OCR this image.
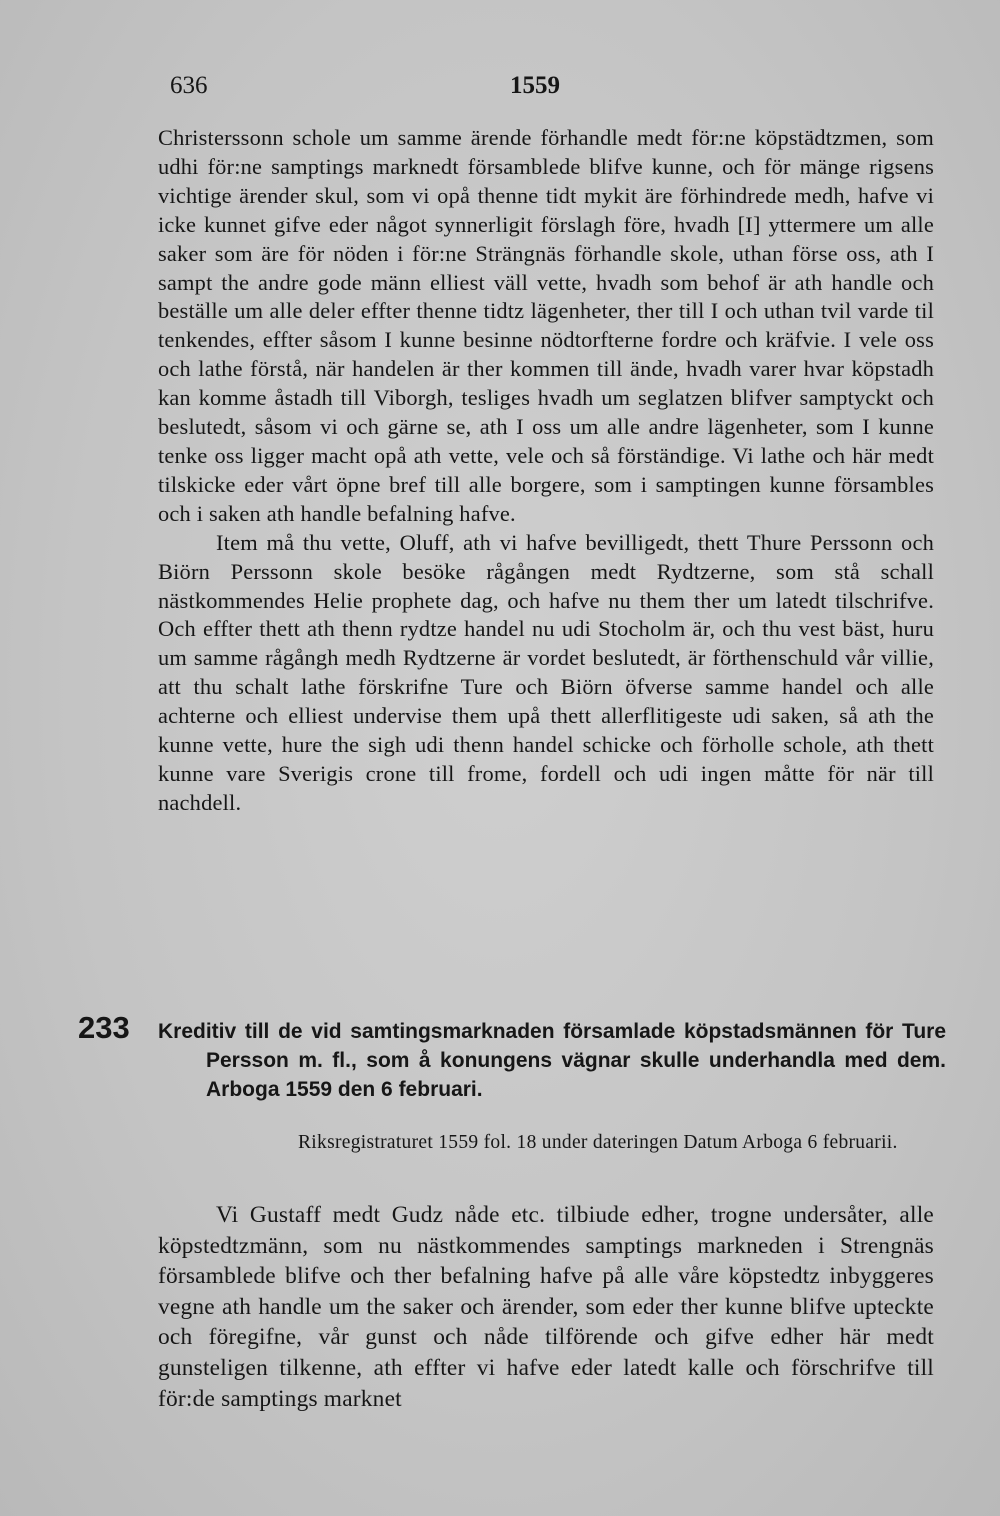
636	1559

Christerssonn schole um samme ärende förhandle medt för:ne köpstädtzmen, som udhi för:ne samptings marknedt församblede blifve kunne, och för mänge rigsens vichtige ärender skul, som vi opå thenne tidt mykit äre förhindrede medh, hafve vi icke kunnet gifve eder något synnerligit förslagh före, hvadh [I] yttermere um alle saker som äre för nöden i för:ne Strängnäs förhandle skole, uthan förse oss, ath I sampt the andre gode männ elliest väll vette, hvadh som behof är ath handle och beställe um alle deler effter thenne tidtz lägenheter, ther till I och uthan tvil varde til tenkendes, effter såsom I kunne besinne nödtorfterne fordre och kräfvie. I vele oss och lathe förstå, när handelen är ther kommen till ände, hvadh varer hvar köpstadh kan komme åstadh till Viborgh, tesliges hvadh um seglatzen blifver samptyckt och beslutedt, såsom vi och gärne se, ath I oss um alle andre lägenheter, som I kunne tenke oss ligger macht opå ath vette, vele och så förständige. Vi lathe och här medt tilskicke eder vårt öpne bref till alle borgere, som i samptingen kunne försambles och i saken ath handle befalning hafve.

Item må thu vette, Oluff, ath vi hafve bevilligedt, thett Thure Perssonn och Biörn Perssonn skole besöke rågången medt Rydtzerne, som stå schall nästkommendes Helie prophete dag, och hafve nu them ther um latedt tilschrifve. Och effter thett ath thenn rydtze handel nu udi Stocholm är, och thu vest bäst, huru um samme rågångh medh Rydtzerne är vordet beslutedt, är förthenschuld vår villie, att thu schalt lathe förskrifne Ture och Biörn öfverse samme handel och alle achterne och elliest undervise them upå thett allerflitigeste udi saken, så ath the kunne vette, hure the sigh udi thenn handel schicke och förholle schole, ath thett kunne vare Sverigis crone till frome, fordell och udi ingen måtte för när till nachdell.

233 Kreditiv till de vid samtingsmarknaden församlade köpstadsmännen för Ture Persson m. fl., som å konungens vägnar skulle underhandla med dem. Arboga 1559 den 6 februari.
Riksregistraturet 1559 fol. 18 under dateringen Datum Arboga 6 februarii.

Vi Gustaff medt Gudz nåde etc. tilbiude edher, trogne undersåter, alle köpstedtzmänn, som nu nästkommendes samptings markneden i Strengnäs församblede blifve och ther befalning hafve på alle våre köpstedtz inbyggeres vegne ath handle um the saker och ärender, som eder ther kunne blifve upteckte och föregifne, vår gunst och nåde tilförende och gifve edher här medt gunsteligen tilkenne, ath effter vi hafve eder latedt kalle och förschrifve till för:de samptings marknet
